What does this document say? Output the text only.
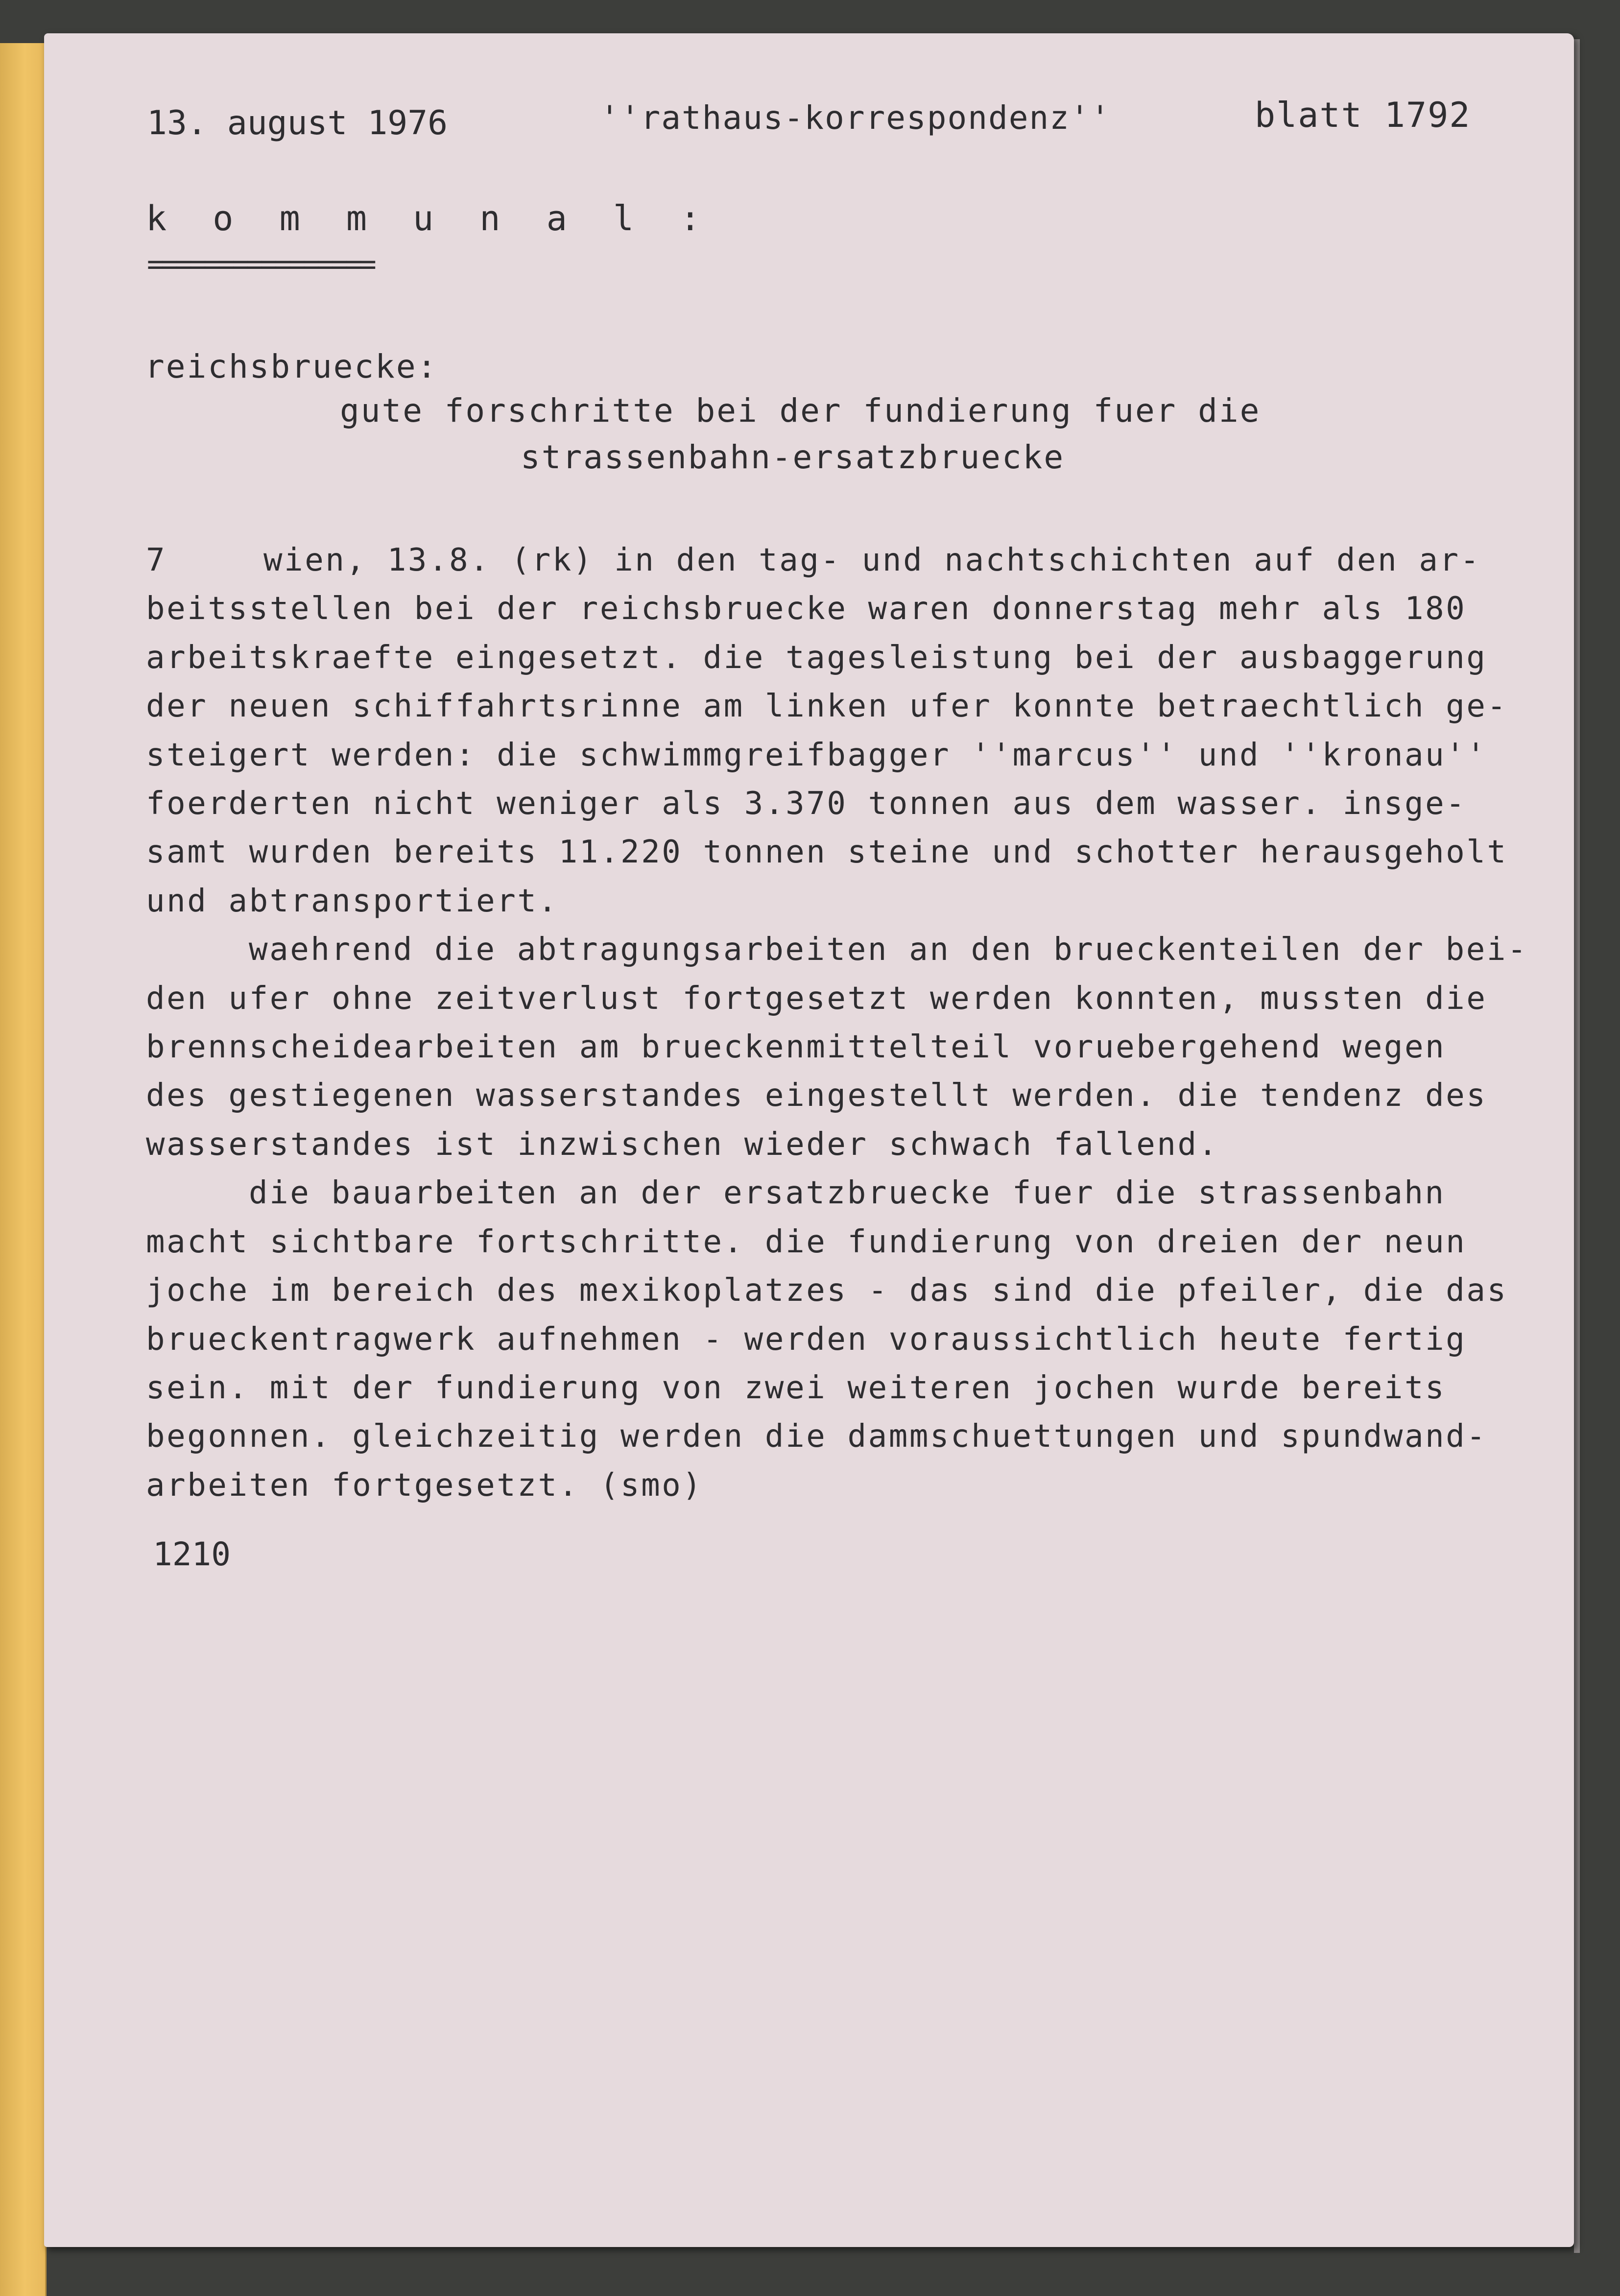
13. august 1976	''rathaus-korrespondenz''	blatt 1792
k o m m u n a l :
================
reichsbruecke:
gute forschritte bei der fundierung fuer die
strassenbahn-ersatzbruecke

7	wien, 13.8. (rk) in den tag- und nachtschichten auf den ar-

beitsstellen bei der reichsbruecke waren donnerstag mehr als 180

arbeitskraefte eingesetzt. die tagesleistung bei der ausbaggerung

der neuen schiffahrtsrinne am linken ufer konnte betraechtlich ge-

steigert werden: die schwimmgreifbagger ''marcus'' und ''kronau''

foerderten nicht weniger als 3.370 tonnen aus dem wasser. insge-

samt wurden bereits 11.220 tonnen steine und schotter herausgeholt

und abtransportiert.

waehrend die abtragungsarbeiten an den brueckenteilen der bei-

den ufer ohne zeitverlust fortgesetzt werden konnten, mussten die

brennscheidearbeiten am brueckenmittelteil voruebergehend wegen

des gestiegenen wasserstandes eingestellt werden. die tendenz des

wasserstandes ist inzwischen wieder schwach fallend.

die bauarbeiten an der ersatzbruecke fuer die strassenbahn

macht sichtbare fortschritte. die fundierung von dreien der neun

joche im bereich des mexikoplatzes - das sind die pfeiler, die das

brueckentragwerk aufnehmen - werden voraussichtlich heute fertig

sein. mit der fundierung von zwei weiteren jochen wurde bereits

begonnen. gleichzeitig werden die dammschuettungen und spundwand-

arbeiten fortgesetzt. (smo)

1210
